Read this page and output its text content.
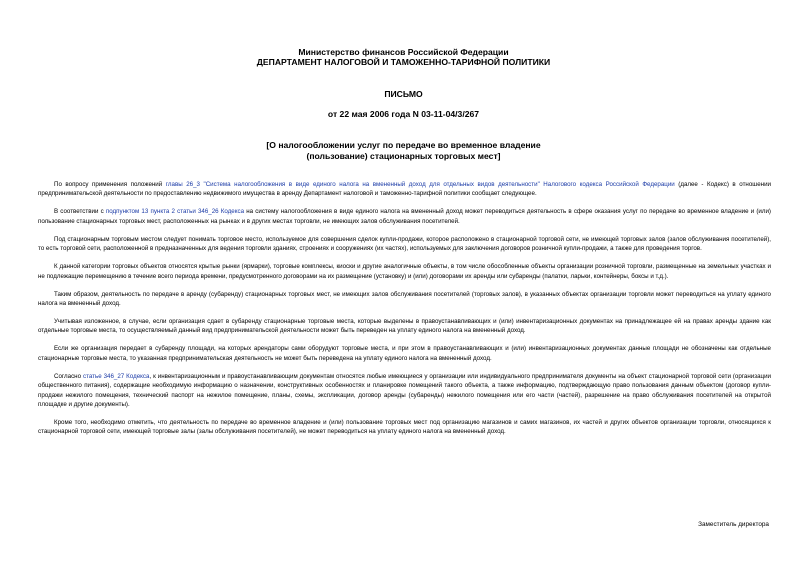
Министерство финансов Российской Федерации
ДЕПАРТАМЕНТ НАЛОГОВОЙ И ТАМОЖЕННО-ТАРИФНОЙ ПОЛИТИКИ
ПИСЬМО
от 22 мая 2006 года N 03-11-04/3/267
[О налогообложении услуг по передаче во временное владение
(пользование) стационарных торговых мест]

По вопросу применения положений главы 26_3 "Система налогообложения в виде единого налога на вмененный доход для отдельных видов деятельности" Налогового кодекса Российской Федерации (далее - Кодекс) в отношении предпринимательской деятельности по предоставлению недвижимого имущества в аренду Департамент налоговой и таможенно-тарифной политики сообщает следующее.

В соответствии с подпунктом 13 пункта 2 статьи 346_26 Кодекса на систему налогообложения в виде единого налога на вмененный доход может переводиться деятельность в сфере оказания услуг по передаче во временное владение и (или) пользование стационарных торговых мест, расположенных на рынках и в других местах торговли, не имеющих залов обслуживания посетителей.

Под стационарным торговым местом следует понимать торговое место, используемое для совершения сделок купли-продажи, которое расположено в стационарной торговой сети, не имеющей торговых залов (залов обслуживания посетителей), то есть торговой сети, расположенной в предназначенных для ведения торговли зданиях, строениях и сооружениях (их частях), используемых для заключения договоров розничной купли-продажи, а также для проведения торгов.

К данной категории торговых объектов относятся крытые рынки (ярмарки), торговые комплексы, киоски и другие аналогичные объекты, в том числе обособленные объекты организации розничной торговли, размещенные на земельных участках и не подлежащие перемещению в течение всего периода времени, предусмотренного договорами на их размещение (установку) и (или) договорами их аренды или субаренды (палатки, ларьки, контейнеры, боксы и т.д.).

Таким образом, деятельность по передаче в аренду (субаренду) стационарных торговых мест, не имеющих залов обслуживания посетителей (торговых залов), в указанных объектах организации торговли может переводиться на уплату единого налога на вмененный доход.

Учитывая изложенное, в случае, если организация сдает в субаренду стационарные торговые места, которые выделены в правоустанавливающих и (или) инвентаризационных документах на принадлежащее ей на правах аренды здание как отдельные торговые места, то осуществляемый данный вид предпринимательской деятельности может быть переведен на уплату единого налога на вмененный доход.

Если же организация передает в субаренду площади, на которых арендаторы сами оборудуют торговые места, и при этом в правоустанавливающих и (или) инвентаризационных документах данные площади не обозначены как отдельные стационарные торговые места, то указанная предпринимательская деятельность не может быть переведена на уплату единого налога на вмененный доход.

Согласно статье 346_27 Кодекса, к инвентаризационным и правоустанавливающим документам относятся любые имеющиеся у организации или индивидуального предпринимателя документы на объект стационарной торговой сети (организации общественного питания), содержащие необходимую информацию о назначении, конструктивных особенностях и планировке помещений такого объекта, а также информацию, подтверждающую право пользования данным объектом (договор купли-продажи нежилого помещения, технический паспорт на нежилое помещение, планы, схемы, экспликации, договор аренды (субаренды) нежилого помещения или его части (частей), разрешение на право обслуживания посетителей на открытой площадке и другие документы).

Кроме того, необходимо отметить, что деятельность по передаче во временное владение и (или) пользование торговых мест под организацию магазинов и самих магазинов, их частей и других объектов организации торговли, относящихся к стационарной торговой сети, имеющей торговые залы (залы обслуживания посетителей), не может переводиться на уплату единого налога на вмененный доход.

Заместитель директора
